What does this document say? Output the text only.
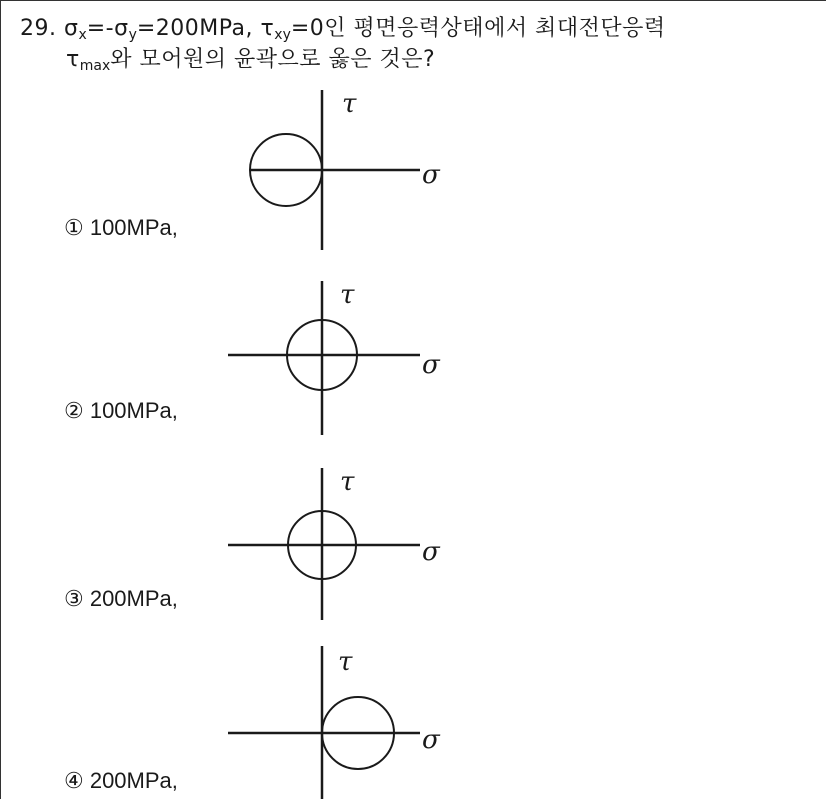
29. $\sigma_x=-\sigma_y=200MPa$, $\tau_{xy}=0$인 평면응력상태에서 최대전단응력
$\tau_{max}$와 모어원의 윤곽으로 옳은 것은?
τ
σ
① 100MPa,
τ
σ
② 100MPa,
τ
σ
③ 200MPa,
τ
σ
④ 200MPa,
